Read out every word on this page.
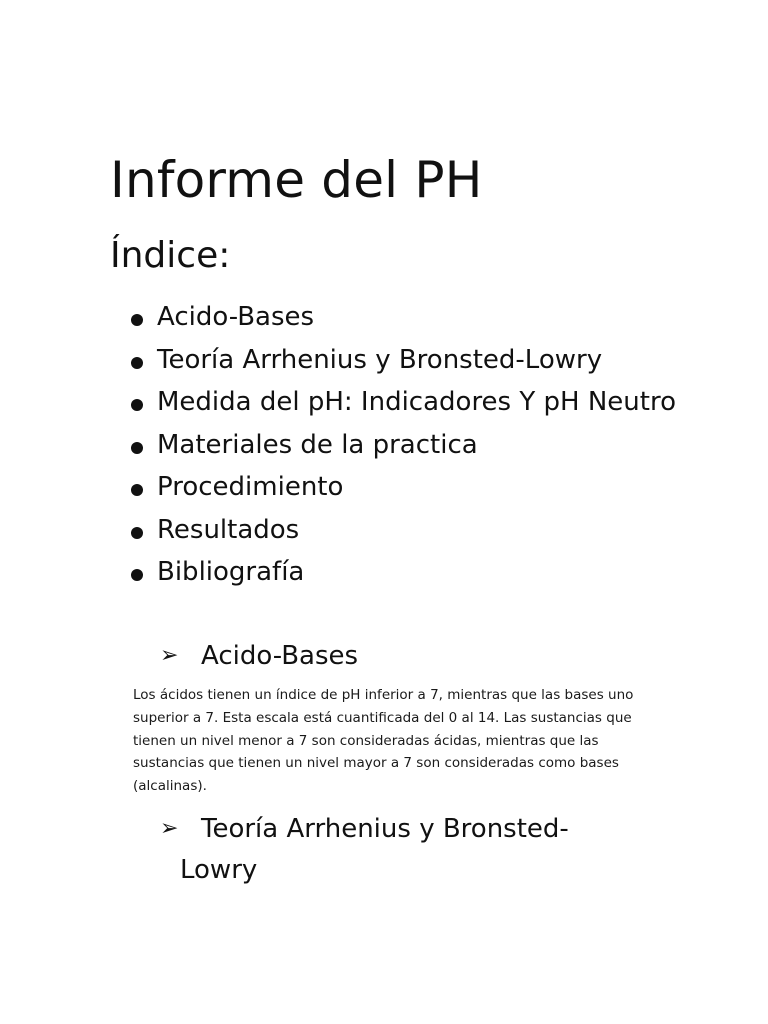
Informe del PH
Índice:
Acido-Bases
Teoría Arrhenius y Bronsted-Lowry
Medida del pH: Indicadores Y pH Neutro
Materiales de la practica
Procedimiento
Resultados
Bibliografía
➢ Acido-Bases

Los ácidos tienen un índice de pH inferior a 7, mientras que las bases uno superior a 7. Esta escala está cuantificada del 0 al 14. Las sustancias que tienen un nivel menor a 7 son consideradas ácidas, mientras que las sustancias que tienen un nivel mayor a 7 son consideradas como bases (alcalinas).

➢ Teoría Arrhenius y Bronsted-
Lowry
